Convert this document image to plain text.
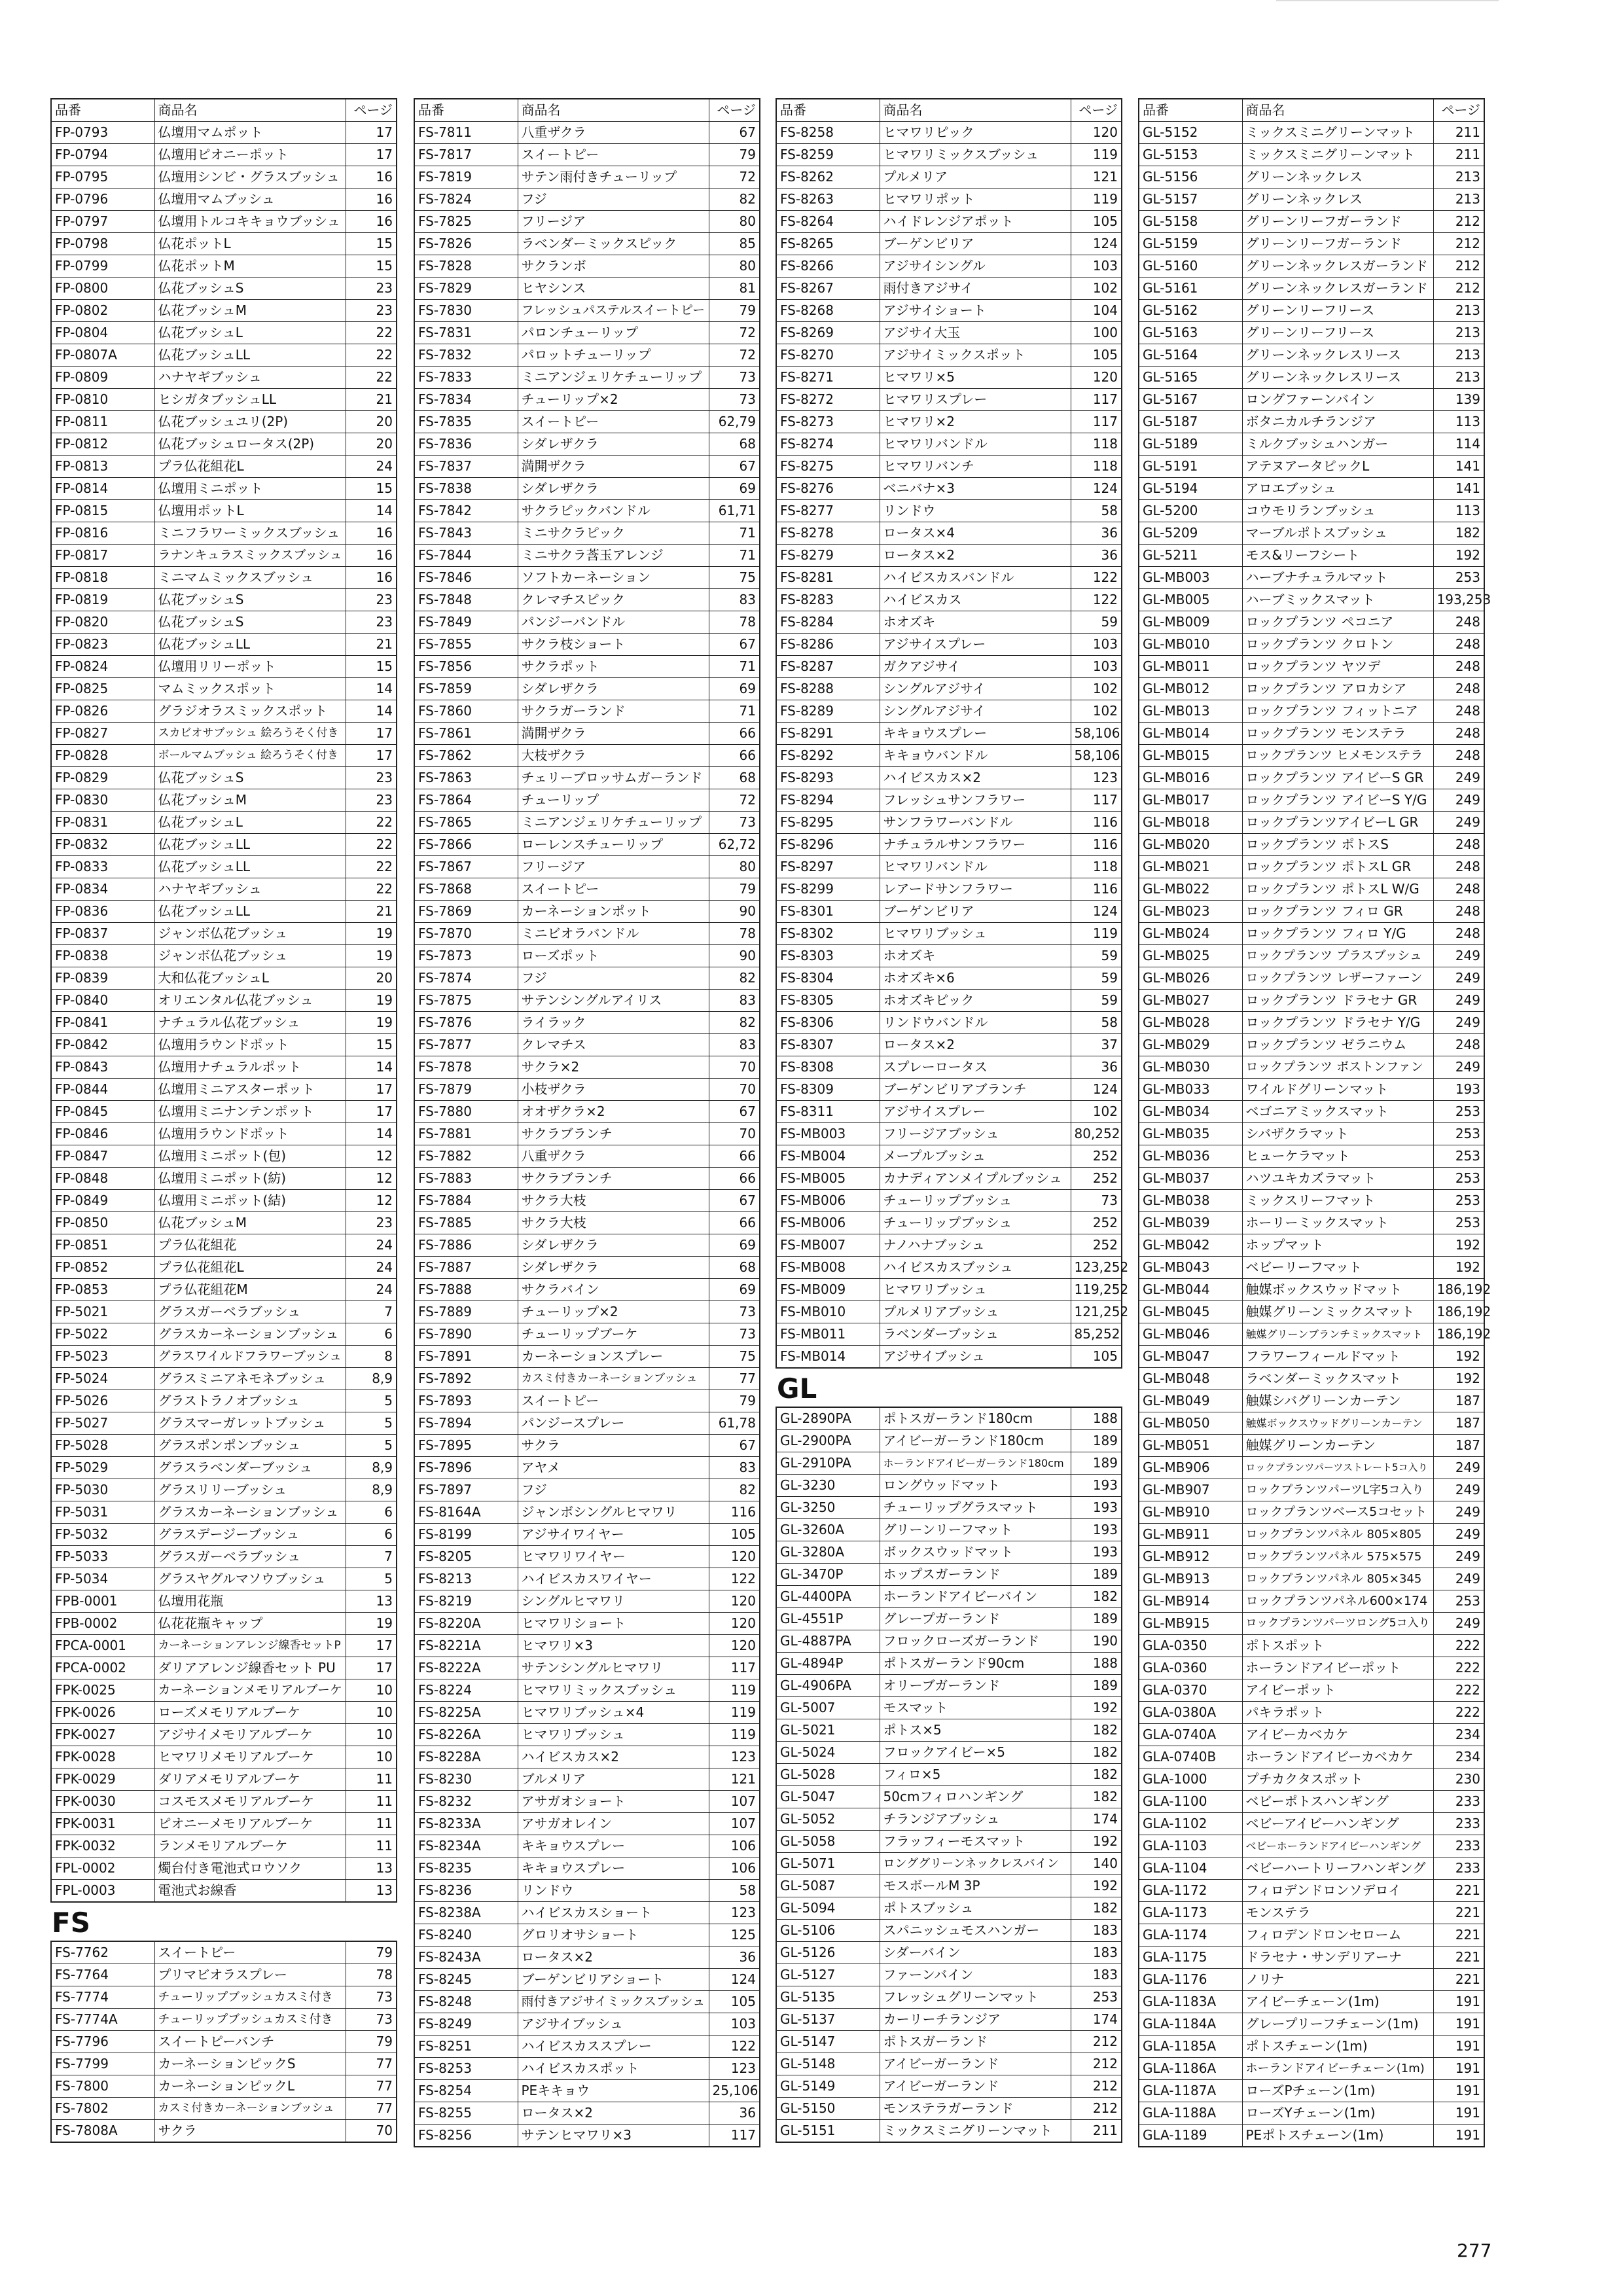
品番	商品名	ページ
FP-0793	仏壇用マムポット	17
FP-0794	仏壇用ピオニーポット	17
FP-0795	仏壇用シンビ・グラスブッシュ	16
FP-0796	仏壇用マムブッシュ	16
FP-0797	仏壇用トルコキキョウブッシュ	16
FP-0798	仏花ポットL	15
FP-0799	仏花ポットM	15
FP-0800	仏花ブッシュS	23
FP-0802	仏花ブッシュM	23
FP-0804	仏花ブッシュL	22
FP-0807A	仏花ブッシュLL	22
FP-0809	ハナヤギブッシュ	22
FP-0810	ヒシガタブッシュLL	21
FP-0811	仏花ブッシュユリ(2P)	20
FP-0812	仏花ブッシュロータス(2P)	20
FP-0813	プラ仏花組花L	24
FP-0814	仏壇用ミニポット	15
FP-0815	仏壇用ポットL	14
FP-0816	ミニフラワーミックスブッシュ	16
FP-0817	ラナンキュラスミックスブッシュ	16
FP-0818	ミニマムミックスブッシュ	16
FP-0819	仏花ブッシュS	23
FP-0820	仏花ブッシュS	23
FP-0823	仏花ブッシュLL	21
FP-0824	仏壇用リリーポット	15
FP-0825	マムミックスポット	14
FP-0826	グラジオラスミックスポット	14
FP-0827	スカビオサブッシュ 絵ろうそく付き	17
FP-0828	ボールマムブッシュ 絵ろうそく付き	17
FP-0829	仏花ブッシュS	23
FP-0830	仏花ブッシュM	23
FP-0831	仏花ブッシュL	22
FP-0832	仏花ブッシュLL	22
FP-0833	仏花ブッシュLL	22
FP-0834	ハナヤギブッシュ	22
FP-0836	仏花ブッシュLL	21
FP-0837	ジャンボ仏花ブッシュ	19
FP-0838	ジャンボ仏花ブッシュ	19
FP-0839	大和仏花ブッシュL	20
FP-0840	オリエンタル仏花ブッシュ	19
FP-0841	ナチュラル仏花ブッシュ	19
FP-0842	仏壇用ラウンドポット	15
FP-0843	仏壇用ナチュラルポット	14
FP-0844	仏壇用ミニアスターポット	17
FP-0845	仏壇用ミニナンテンポット	17
FP-0846	仏壇用ラウンドポット	14
FP-0847	仏壇用ミニポット(包)	12
FP-0848	仏壇用ミニポット(紡)	12
FP-0849	仏壇用ミニポット(結)	12
FP-0850	仏花ブッシュM	23
FP-0851	プラ仏花組花	24
FP-0852	プラ仏花組花L	24
FP-0853	プラ仏花組花M	24
FP-5021	グラスガーベラブッシュ	7
FP-5022	グラスカーネーションブッシュ	6
FP-5023	グラスワイルドフラワーブッシュ	8
FP-5024	グラスミニアネモネブッシュ	8,9
FP-5026	グラストラノオブッシュ	5
FP-5027	グラスマーガレットブッシュ	5
FP-5028	グラスポンポンブッシュ	5
FP-5029	グラスラベンダーブッシュ	8,9
FP-5030	グラスリリーブッシュ	8,9
FP-5031	グラスカーネーションブッシュ	6
FP-5032	グラスデージーブッシュ	6
FP-5033	グラスガーベラブッシュ	7
FP-5034	グラスヤグルマソウブッシュ	5
FPB-0001	仏壇用花瓶	13
FPB-0002	仏花花瓶キャップ	19
FPCA-0001	カーネーションアレンジ線香セットP	17
FPCA-0002	ダリアアレンジ線香セット PU	17
FPK-0025	カーネーションメモリアルブーケ	10
FPK-0026	ローズメモリアルブーケ	10
FPK-0027	アジサイメモリアルブーケ	10
FPK-0028	ヒマワリメモリアルブーケ	10
FPK-0029	ダリアメモリアルブーケ	11
FPK-0030	コスモスメモリアルブーケ	11
FPK-0031	ピオニーメモリアルブーケ	11
FPK-0032	ランメモリアルブーケ	11
FPL-0002	燭台付き電池式ロウソク	13
FPL-0003	電池式お線香	13
FS
FS-7762	スイートピー	79
FS-7764	プリマビオラスプレー	78
FS-7774	チューリップブッシュカスミ付き	73
FS-7774A	チューリップブッシュカスミ付き	73
FS-7796	スイートピーバンチ	79
FS-7799	カーネーションピックS	77
FS-7800	カーネーションピックL	77
FS-7802	カスミ付きカーネーションブッシュ	77
FS-7808A	サクラ	70
品番	商品名	ページ
FS-7811	八重ザクラ	67
FS-7817	スイートピー	79
FS-7819	サテン雨付きチューリップ	72
FS-7824	フジ	82
FS-7825	フリージア	80
FS-7826	ラベンダーミックスピック	85
FS-7828	サクランボ	80
FS-7829	ヒヤシンス	81
FS-7830	フレッシュパステルスイートピー	79
FS-7831	パロンチューリップ	72
FS-7832	パロットチューリップ	72
FS-7833	ミニアンジェリケチューリップ	73
FS-7834	チューリップ×2	73
FS-7835	スイートピー	62,79
FS-7836	シダレザクラ	68
FS-7837	満開ザクラ	67
FS-7838	シダレザクラ	69
FS-7842	サクラピックバンドル	61,71
FS-7843	ミニサクラピック	71
FS-7844	ミニサクラ莟玉アレンジ	71
FS-7846	ソフトカーネーション	75
FS-7848	クレマチスピック	83
FS-7849	パンジーバンドル	78
FS-7855	サクラ枝ショート	67
FS-7856	サクラポット	71
FS-7859	シダレザクラ	69
FS-7860	サクラガーランド	71
FS-7861	満開ザクラ	66
FS-7862	大枝ザクラ	66
FS-7863	チェリーブロッサムガーランド	68
FS-7864	チューリップ	72
FS-7865	ミニアンジェリケチューリップ	73
FS-7866	ローレンスチューリップ	62,72
FS-7867	フリージア	80
FS-7868	スイートピー	79
FS-7869	カーネーションポット	90
FS-7870	ミニビオラバンドル	78
FS-7873	ローズポット	90
FS-7874	フジ	82
FS-7875	サテンシングルアイリス	83
FS-7876	ライラック	82
FS-7877	クレマチス	83
FS-7878	サクラ×2	70
FS-7879	小枝ザクラ	70
FS-7880	オオザクラ×2	67
FS-7881	サクラブランチ	70
FS-7882	八重ザクラ	66
FS-7883	サクラブランチ	66
FS-7884	サクラ大枝	67
FS-7885	サクラ大枝	66
FS-7886	シダレザクラ	69
FS-7887	シダレザクラ	68
FS-7888	サクラバイン	69
FS-7889	チューリップ×2	73
FS-7890	チューリップブーケ	73
FS-7891	カーネーションスプレー	75
FS-7892	カスミ付きカーネーションブッシュ	77
FS-7893	スイートピー	79
FS-7894	パンジースプレー	61,78
FS-7895	サクラ	67
FS-7896	アヤメ	83
FS-7897	フジ	82
FS-8164A	ジャンボシングルヒマワリ	116
FS-8199	アジサイワイヤー	105
FS-8205	ヒマワリワイヤー	120
FS-8213	ハイビスカスワイヤー	122
FS-8219	シングルヒマワリ	120
FS-8220A	ヒマワリショート	120
FS-8221A	ヒマワリ×3	120
FS-8222A	サテンシングルヒマワリ	117
FS-8224	ヒマワリミックスブッシュ	119
FS-8225A	ヒマワリブッシュ×4	119
FS-8226A	ヒマワリブッシュ	119
FS-8228A	ハイビスカス×2	123
FS-8230	ブルメリア	121
FS-8232	アサガオショート	107
FS-8233A	アサガオレイン	107
FS-8234A	キキョウスプレー	106
FS-8235	キキョウスプレー	106
FS-8236	リンドウ	58
FS-8238A	ハイビスカスショート	123
FS-8240	グロリオサショート	125
FS-8243A	ロータス×2	36
FS-8245	ブーゲンビリアショート	124
FS-8248	雨付きアジサイミックスブッシュ	105
FS-8249	アジサイブッシュ	103
FS-8251	ハイビスカススプレー	122
FS-8253	ハイビスカスポット	123
FS-8254	PEキキョウ	25,106
FS-8255	ロータス×2	36
FS-8256	サテンヒマワリ×3	117
品番	商品名	ページ
FS-8258	ヒマワリピック	120
FS-8259	ヒマワリミックスブッシュ	119
FS-8262	プルメリア	121
FS-8263	ヒマワリポット	119
FS-8264	ハイドレンジアポット	105
FS-8265	ブーゲンビリア	124
FS-8266	アジサイシングル	103
FS-8267	雨付きアジサイ	102
FS-8268	アジサイショート	104
FS-8269	アジサイ大玉	100
FS-8270	アジサイミックスポット	105
FS-8271	ヒマワリ×5	120
FS-8272	ヒマワリスプレー	117
FS-8273	ヒマワリ×2	117
FS-8274	ヒマワリバンドル	118
FS-8275	ヒマワリバンチ	118
FS-8276	ベニバナ×3	124
FS-8277	リンドウ	58
FS-8278	ロータス×4	36
FS-8279	ロータス×2	36
FS-8281	ハイビスカスバンドル	122
FS-8283	ハイビスカス	122
FS-8284	ホオズキ	59
FS-8286	アジサイスプレー	103
FS-8287	ガクアジサイ	103
FS-8288	シングルアジサイ	102
FS-8289	シングルアジサイ	102
FS-8291	キキョウスプレー	58,106
FS-8292	キキョウバンドル	58,106
FS-8293	ハイビスカス×2	123
FS-8294	フレッシュサンフラワー	117
FS-8295	サンフラワーバンドル	116
FS-8296	ナチュラルサンフラワー	116
FS-8297	ヒマワリバンドル	118
FS-8299	レアードサンフラワー	116
FS-8301	ブーゲンビリア	124
FS-8302	ヒマワリブッシュ	119
FS-8303	ホオズキ	59
FS-8304	ホオズキ×6	59
FS-8305	ホオズキピック	59
FS-8306	リンドウバンドル	58
FS-8307	ロータス×2	37
FS-8308	スプレーロータス	36
FS-8309	ブーゲンビリアブランチ	124
FS-8311	アジサイスプレー	102
FS-MB003	フリージアブッシュ	80,252
FS-MB004	メープルブッシュ	252
FS-MB005	カナディアンメイプルブッシュ	252
FS-MB006	チューリップブッシュ	73
FS-MB006	チューリップブッシュ	252
FS-MB007	ナノハナブッシュ	252
FS-MB008	ハイビスカスブッシュ	123,252
FS-MB009	ヒマワリブッシュ	119,252
FS-MB010	プルメリアブッシュ	121,252
FS-MB011	ラベンダーブッシュ	85,252
FS-MB014	アジサイブッシュ	105
GL
GL-2890PA	ポトスガーランド180cm	188
GL-2900PA	アイビーガーランド180cm	189
GL-2910PA	ホーランドアイビーガーランド180cm	189
GL-3230	ロングウッドマット	193
GL-3250	チューリップグラスマット	193
GL-3260A	グリーンリーフマット	193
GL-3280A	ボックスウッドマット	193
GL-3470P	ホップスガーランド	189
GL-4400PA	ホーランドアイビーバイン	182
GL-4551P	グレープガーランド	189
GL-4887PA	フロックローズガーランド	190
GL-4894P	ポトスガーランド90cm	188
GL-4906PA	オリーブガーランド	189
GL-5007	モスマット	192
GL-5021	ポトス×5	182
GL-5024	フロックアイビー×5	182
GL-5028	フィロ×5	182
GL-5047	50cmフィロハンギング	182
GL-5052	チランジアブッシュ	174
GL-5058	フラッフィーモスマット	192
GL-5071	ロンググリーンネックレスバイン	140
GL-5087	モスボールM 3P	192
GL-5094	ポトスブッシュ	182
GL-5106	スパニッシュモスハンガー	183
GL-5126	シダーバイン	183
GL-5127	ファーンバイン	183
GL-5135	フレッシュグリーンマット	253
GL-5137	カーリーチランジア	174
GL-5147	ポトスガーランド	212
GL-5148	アイビーガーランド	212
GL-5149	アイビーガーランド	212
GL-5150	モンステラガーランド	212
GL-5151	ミックスミニグリーンマット	211
品番	商品名	ページ
GL-5152	ミックスミニグリーンマット	211
GL-5153	ミックスミニグリーンマット	211
GL-5156	グリーンネックレス	213
GL-5157	グリーンネックレス	213
GL-5158	グリーンリーフガーランド	212
GL-5159	グリーンリーフガーランド	212
GL-5160	グリーンネックレスガーランド	212
GL-5161	グリーンネックレスガーランド	212
GL-5162	グリーンリーフリース	213
GL-5163	グリーンリーフリース	213
GL-5164	グリーンネックレスリース	213
GL-5165	グリーンネックレスリース	213
GL-5167	ロングファーンバイン	139
GL-5187	ボタニカルチランジア	113
GL-5189	ミルクブッシュハンガー	114
GL-5191	アテヌアータピックL	141
GL-5194	アロエブッシュ	141
GL-5200	コウモリランブッシュ	113
GL-5209	マーブルポトスブッシュ	182
GL-5211	モス&リーフシート	192
GL-MB003	ハーブナチュラルマット	253
GL-MB005	ハーブミックスマット	193,253
GL-MB009	ロックプランツ ペコニア	248
GL-MB010	ロックプランツ クロトン	248
GL-MB011	ロックプランツ ヤツデ	248
GL-MB012	ロックプランツ アロカシア	248
GL-MB013	ロックプランツ フィットニア	248
GL-MB014	ロックプランツ モンステラ	248
GL-MB015	ロックプランツ ヒメモンステラ	248
GL-MB016	ロックプランツ アイビーS GR	249
GL-MB017	ロックプランツ アイビーS Y/G	249
GL-MB018	ロックプランツアイビーL GR	249
GL-MB020	ロックプランツ ポトスS	248
GL-MB021	ロックプランツ ポトスL GR	248
GL-MB022	ロックプランツ ポトスL W/G	248
GL-MB023	ロックプランツ フィロ GR	248
GL-MB024	ロックプランツ フィロ Y/G	248
GL-MB025	ロックプランツ プラスブッシュ	249
GL-MB026	ロックプランツ レザーファーン	249
GL-MB027	ロックプランツ ドラセナ GR	249
GL-MB028	ロックプランツ ドラセナ Y/G	249
GL-MB029	ロックプランツ ゼラニウム	248
GL-MB030	ロックプランツ ボストンファン	249
GL-MB033	ワイルドグリーンマット	193
GL-MB034	ベゴニアミックスマット	253
GL-MB035	シバザクラマット	253
GL-MB036	ヒューケラマット	253
GL-MB037	ハツユキカズラマット	253
GL-MB038	ミックスリーフマット	253
GL-MB039	ホーリーミックスマット	253
GL-MB042	ホップマット	192
GL-MB043	ベビーリーフマット	192
GL-MB044	触媒ボックスウッドマット	186,192
GL-MB045	触媒グリーンミックスマット	186,192
GL-MB046	触媒グリーンブランチミックスマット	186,192
GL-MB047	フラワーフィールドマット	192
GL-MB048	ラベンダーミックスマット	192
GL-MB049	触媒シバグリーンカーテン	187
GL-MB050	触媒ボックスウッドグリーンカーテン	187
GL-MB051	触媒グリーンカーテン	187
GL-MB906	ロックプランツパーツストレート5コ入り	249
GL-MB907	ロックプランツパーツL字5コ入り	249
GL-MB910	ロックプランツベース5コセット	249
GL-MB911	ロックプランツパネル 805×805	249
GL-MB912	ロックプランツパネル 575×575	249
GL-MB913	ロックプランツパネル 805×345	249
GL-MB914	ロックプランツパネル600×174	253
GL-MB915	ロックプランツパーツロング5コ入り	249
GLA-0350	ポトスポット	222
GLA-0360	ホーランドアイビーポット	222
GLA-0370	アイビーポット	222
GLA-0380A	パキラポット	222
GLA-0740A	アイビーカベカケ	234
GLA-0740B	ホーランドアイビーカベカケ	234
GLA-1000	プチカクタスポット	230
GLA-1100	ベビーポトスハンギング	233
GLA-1102	ベビーアイビーハンギング	233
GLA-1103	ベビーホーランドアイビーハンギング	233
GLA-1104	ベビーハートリーフハンギング	233
GLA-1172	フィロデンドロンソデロイ	221
GLA-1173	モンステラ	221
GLA-1174	フィロデンドロンセローム	221
GLA-1175	ドラセナ・サンデリアーナ	221
GLA-1176	ノリナ	221
GLA-1183A	アイビーチェーン(1m)	191
GLA-1184A	グレープリーフチェーン(1m)	191
GLA-1185A	ポトスチェーン(1m)	191
GLA-1186A	ホーランドアイビーチェーン(1m)	191
GLA-1187A	ローズPチェーン(1m)	191
GLA-1188A	ローズYチェーン(1m)	191
GLA-1189	PEポトスチェーン(1m)	191
277
